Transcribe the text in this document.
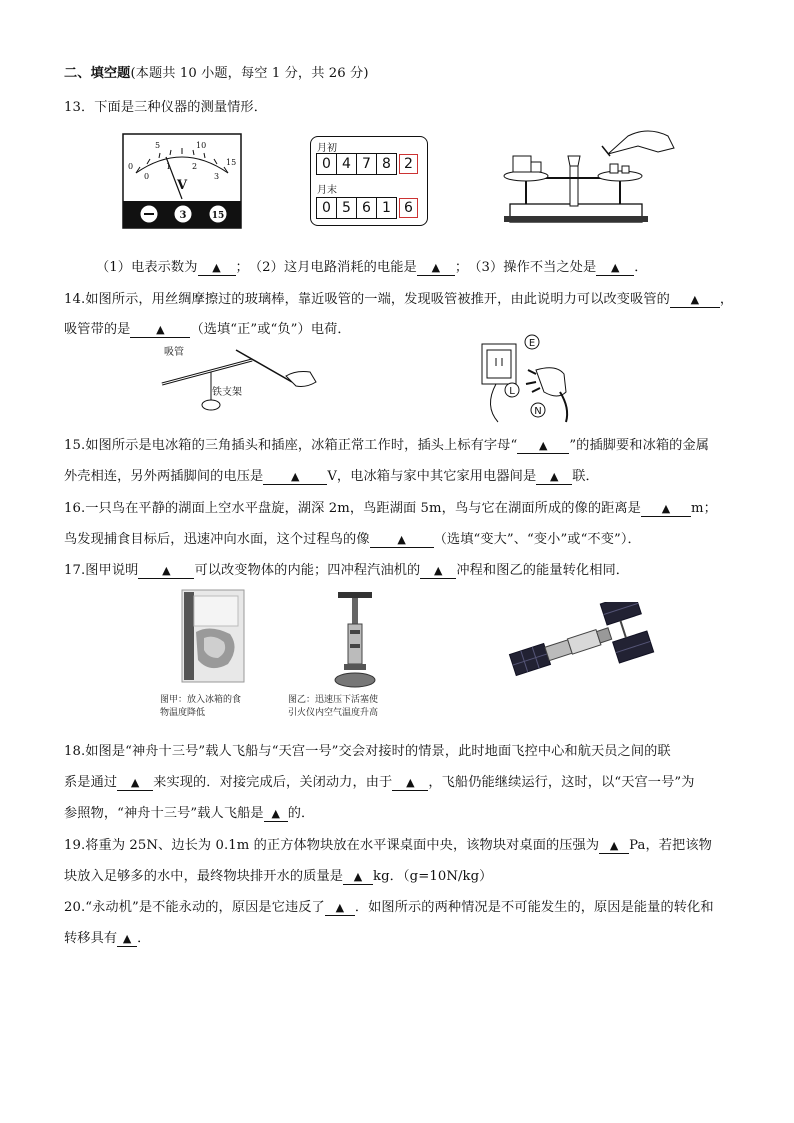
二、填空题(本题共 10 小题，每空 1 分，共 26 分)
13．下面是三种仪器的测量情形．
V
0
5	10
15
0
1	2
3
3	15
月初
0 4 7 8 2
月末
0 5 6 1 6
（1）电表示数为 ▲ ；　（2）这月电路消耗的电能是 ▲ ；　（3）操作不当之处是 ▲ ．
14.如图所示，用丝绸摩擦过的玻璃棒，靠近吸管的一端，发现吸管被推开，由此说明力可以改变吸管的 ▲ ，
吸管带的是 ▲ （选填“正”或“负”）电荷．
吸管
铁支架
E
L
N
15.如图所示是电冰箱的三角插头和插座，冰箱正常工作时，插头上标有字母“ ▲ ”的插脚要和冰箱的金属
外壳相连，另外两插脚间的电压是	▲ V，电冰箱与家中其它家用电器间是 ▲ 联．
16.一只鸟在平静的湖面上空水平盘旋，湖深 2m，鸟距湖面 5m，鸟与它在湖面所成的像的距离是 ▲ m；
鸟发现捕食目标后，迅速冲向水面，这个过程鸟的像	▲ （选填“变大”、“变小”或“不变”）．
17.图甲说明 ▲ 可以改变物体的内能；四冲程汽油机的 ▲ 冲程和图乙的能量转化相同．
图甲：放入冰箱的食
物温度降低
图乙：迅速压下活塞使
引火仪内空气温度升高
18.如图是“神舟十三号”载人飞船与“天宫一号”交会对接时的情景，此时地面飞控中心和航天员之间的联
系是通过 ▲ 来实现的．对接完成后，关闭动力，由于 ▲ ，飞船仍能继续运行，这时，以“天宫一号”为
参照物，“神舟十三号”载人飞船是 ▲ 的．
19.将重为 25N、边长为 0.1m 的正方体物块放在水平课桌面中央，该物块对桌面的压强为 ▲ Pa，若把该物
块放入足够多的水中，最终物块排开水的质量是 ▲ kg．（g=10N/kg）
20.“永动机”是不能永动的，原因是它违反了 ▲ ．如图所示的两种情况是不可能发生的，原因是能量的转化和
转移具有 ▲ ．
